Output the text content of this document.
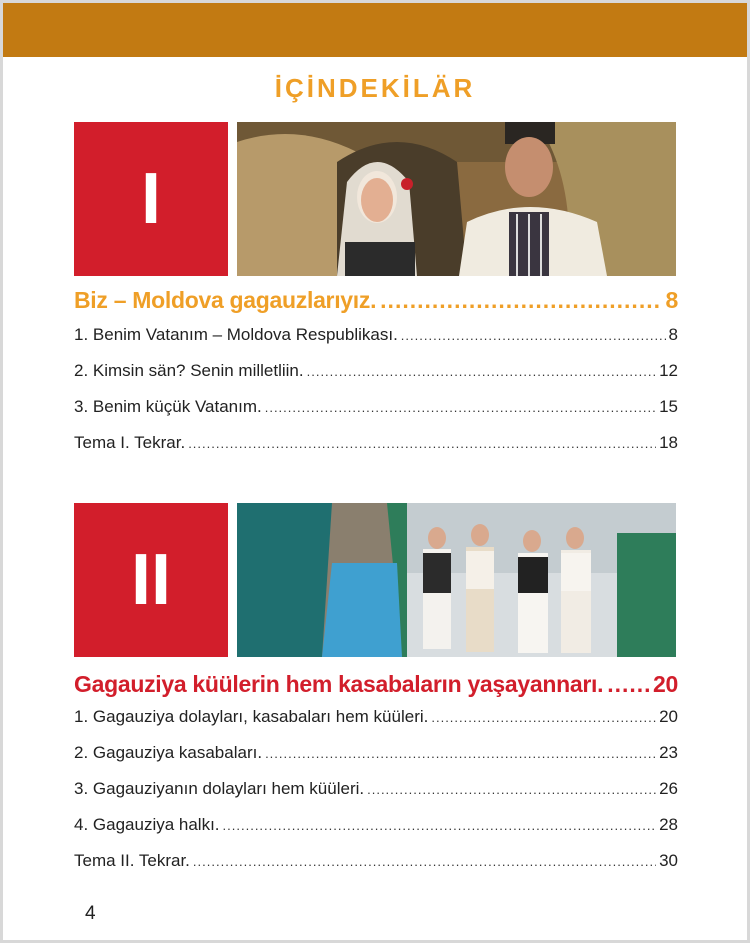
İÇİNDEKİLÄR
I
Biz – Moldova gagauzlarıyız. .....	8
1. Benim Vatanım – Moldova Respublikası. .....	8
2. Kimsin sän? Senin milletliin. .....	12
3. Benim küçük Vatanım. .....	15
Tema I. Tekrar. .....	18
II
Gagauziya küülerin hem kasabaların yaşayannarı. ..... 20
1. Gagauziya dolayları, kasabaları hem küüleri. .....	20
2. Gagauziya kasabaları. .....	23
3. Gagauziyanın dolayları hem küüleri. .....	26
4. Gagauziya halkı. .....	28
Tema II. Tekrar. .....	30
4
